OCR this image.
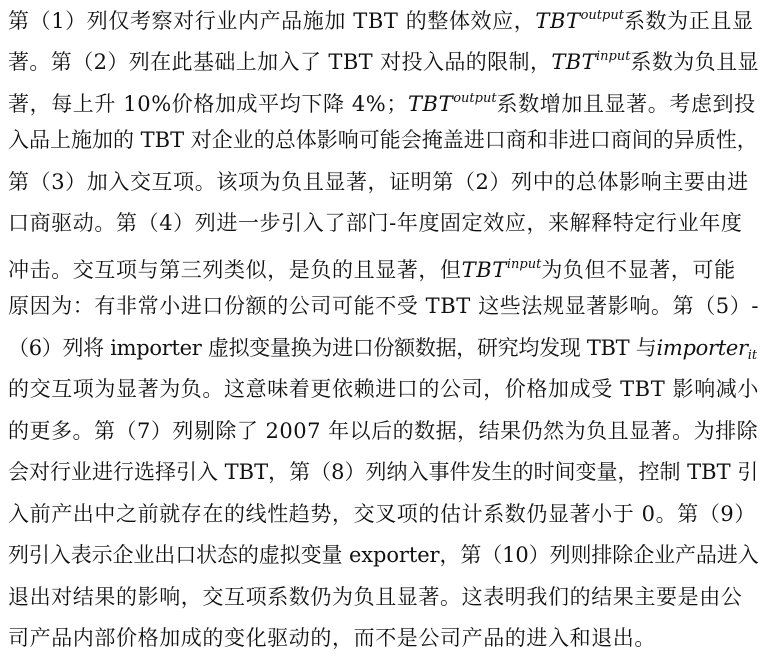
第（1）列仅考察对行业内产品施加 TBT 的整体效应，$TBT^{output}$系数为正且显
著。第（2）列在此基础上加入了 TBT 对投入品的限制，$TBT^{input}$系数为负且显
著，每上升 10%价格加成平均下降 4%；$TBT^{output}$系数增加且显著。考虑到投
入品上施加的 TBT 对企业的总体影响可能会掩盖进口商和非进口商间的异质性，
第（3）加入交互项。该项为负且显著，证明第（2）列中的总体影响主要由进
口商驱动。第（4）列进一步引入了部门-年度固定效应，来解释特定行业年度
冲击。交互项与第三列类似，是负的且显著，但$TBT^{input}$为负但不显著，可能
原因为：有非常小进口份额的公司可能不受 TBT 这些法规显著影响。第（5）-
（6）列将 importer 虚拟变量换为进口份额数据，研究均发现 TBT 与importer$_{it}$
的交互项为显著为负。这意味着更依赖进口的公司，价格加成受 TBT 影响减小
的更多。第（7）列剔除了 2007 年以后的数据，结果仍然为负且显著。为排除
会对行业进行选择引入 TBT，第（8）列纳入事件发生的时间变量，控制 TBT 引
入前产出中之前就存在的线性趋势，交叉项的估计系数仍显著小于 0。第（9）
列引入表示企业出口状态的虚拟变量 exporter，第（10）列则排除企业产品进入
退出对结果的影响，交互项系数仍为负且显著。这表明我们的结果主要是由公
司产品内部价格加成的变化驱动的，而不是公司产品的进入和退出。
